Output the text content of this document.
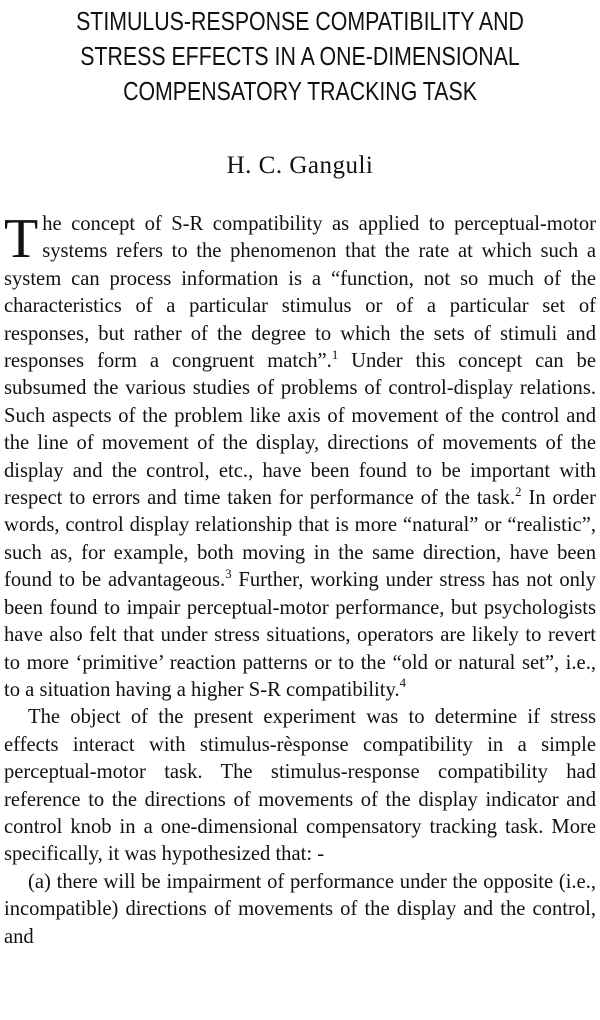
STIMULUS-RESPONSE COMPATIBILITY AND
STRESS EFFECTS IN A ONE-DIMENSIONAL
COMPENSATORY TRACKING TASK
H. C. Ganguli

The concept of S-R compatibility as applied to perceptual-motor systems refers to the phenomenon that the rate at which such a system can process information is a “function, not so much of the characteristics of a particular stimulus or of a particular set of responses, but rather of the degree to which the sets of stimuli and responses form a congruent match”.$^1$ Under this concept can be subsumed the various studies of problems of control-display relations. Such aspects of the problem like axis of movement of the control and the line of movement of the display, directions of movements of the display and the control, etc., have been found to be important with respect to errors and time taken for performance of the task.$^2$ In order words, control display relationship that is more “natural” or “realistic”, such as, for example, both moving in the same direction, have been found to be advantageous.$^3$ Further, working under stress has not only been found to impair perceptual-motor performance, but psychologists have also felt that under stress situations, operators are likely to revert to more ‘primitive’ reaction patterns or to the “old or natural set”, i.e., to a situation having a higher S-R compatibility.$^4$

The object of the present experiment was to determine if stress effects interact with stimulus-rèsponse compatibility in a simple perceptual-motor task. The stimulus-response compatibility had reference to the directions of movements of the display indicator and control knob in a one-dimensional compensatory tracking task. More specifically, it was hypothesized that: -

(a) there will be impairment of performance under the opposite (i.e., incompatible) directions of movements of the display and the control, and
